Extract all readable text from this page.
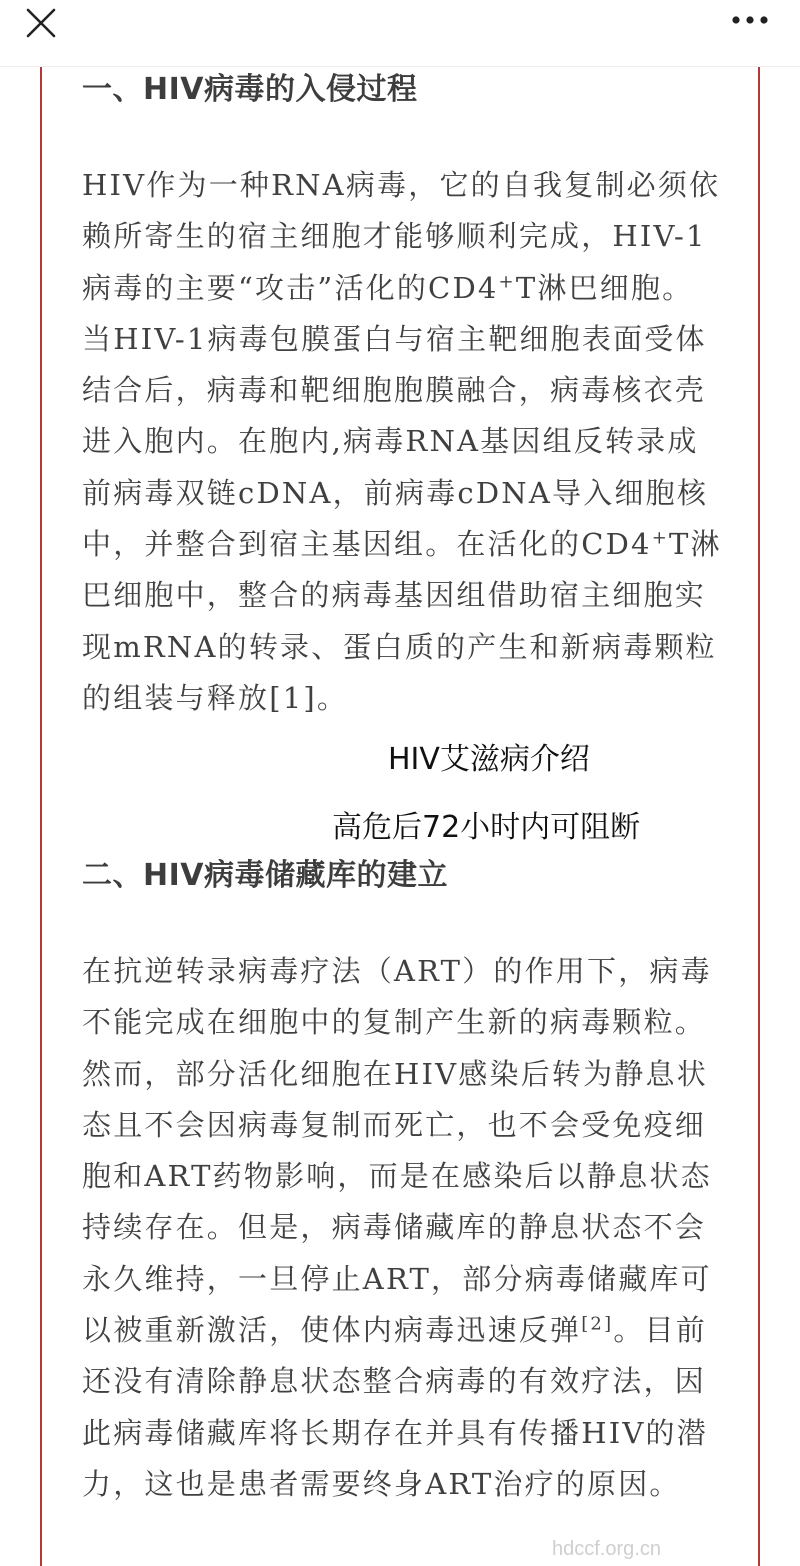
一、HIV病毒的入侵过程

HIV作为一种RNA病毒，它的自我复制必须依赖所寄生的宿主细胞才能够顺利完成，HIV-1病毒的主要“攻击”活化的CD4+T淋巴细胞。当HIV-1病毒包膜蛋白与宿主靶细胞表面受体结合后，病毒和靶细胞胞膜融合，病毒核衣壳进入胞内。在胞内,病毒RNA基因组反转录成前病毒双链cDNA，前病毒cDNA导入细胞核中，并整合到宿主基因组。在活化的CD4+T淋巴细胞中，整合的病毒基因组借助宿主细胞实现mRNA的转录、蛋白质的产生和新病毒颗粒的组装与释放[1]。

HIV艾滋病介绍
高危后72小时内可阻断
二、HIV病毒储藏库的建立

在抗逆转录病毒疗法（ART）的作用下，病毒不能完成在细胞中的复制产生新的病毒颗粒。然而，部分活化细胞在HIV感染后转为静息状态且不会因病毒复制而死亡，也不会受免疫细胞和ART药物影响，而是在感染后以静息状态持续存在。但是，病毒储藏库的静息状态不会永久维持，一旦停止ART，部分病毒储藏库可以被重新激活，使体内病毒迅速反弹[2]。目前还没有清除静息状态整合病毒的有效疗法，因此病毒储藏库将长期存在并具有传播HIV的潜力，这也是患者需要终身ART治疗的原因。

hdccf.org.cn
